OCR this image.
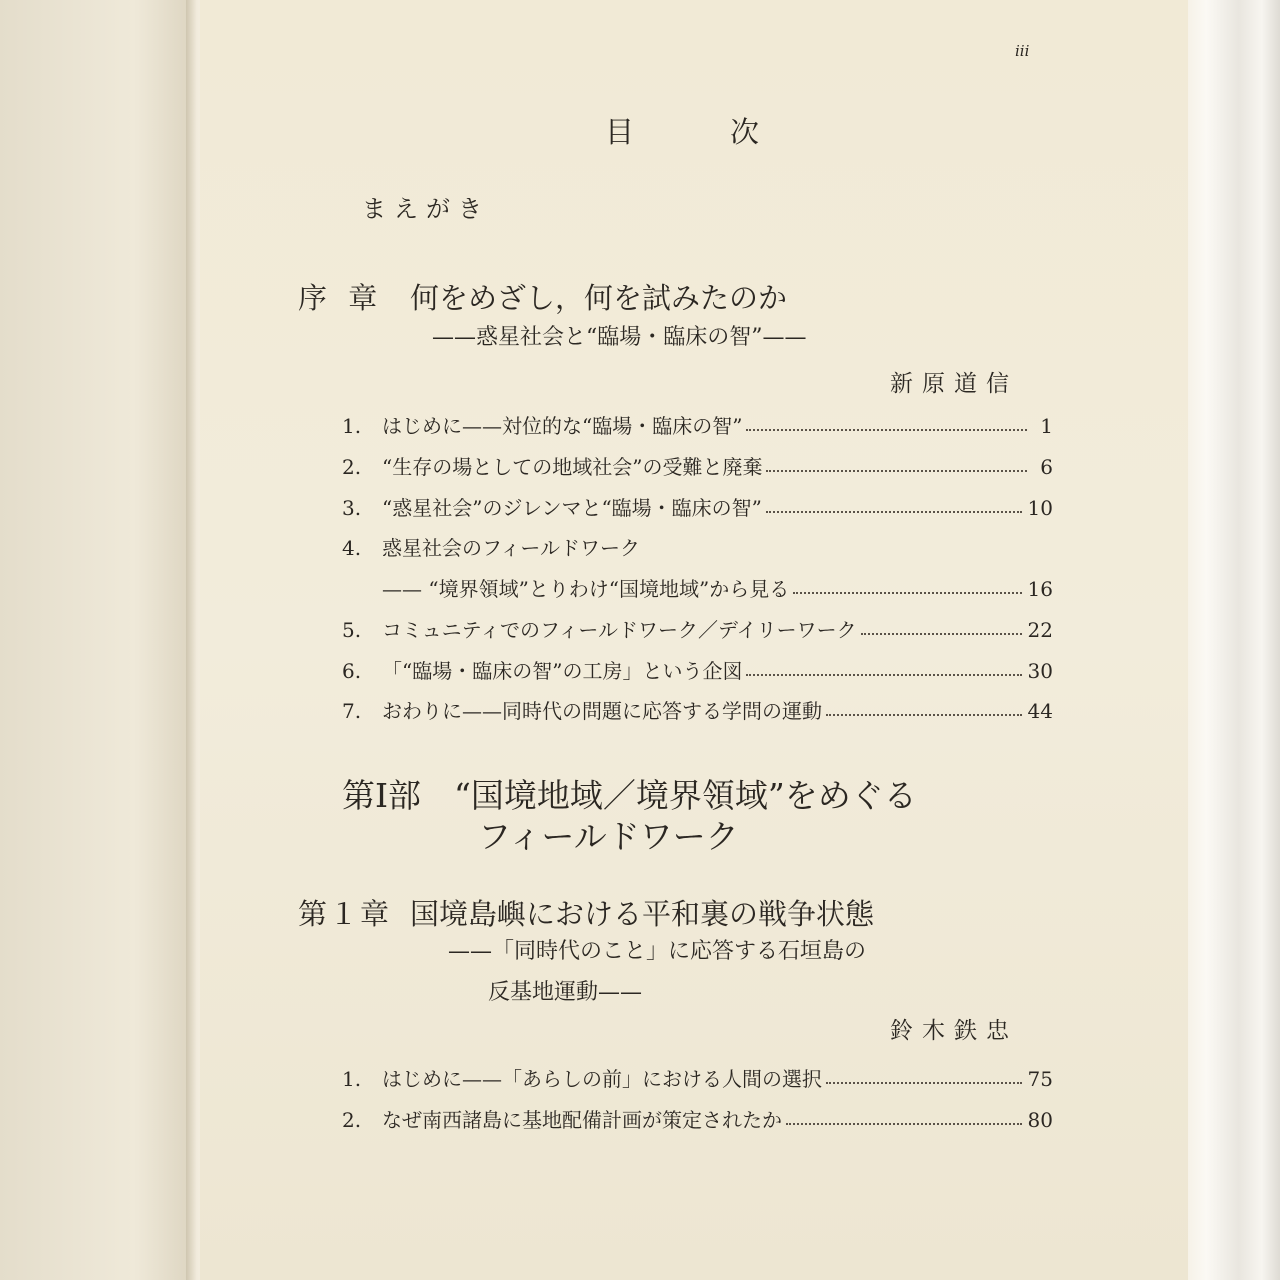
iii
目次
まえがき
序 章 何をめざし，何を試みたのか
——惑星社会と“臨場・臨床の智”——
新原道信
1.	はじめに——対位的な“臨場・臨床の智”	1
2.	“生存の場としての地域社会”の受難と廃棄	6
3.	“惑星社会”のジレンマと“臨場・臨床の智”	10
4.	惑星社会のフィールドワーク
—— “境界領域”とりわけ“国境地域”から見る	16
5.	コミュニティでのフィールドワーク／デイリーワーク	22
6.	「“臨場・臨床の智”の工房」という企図	30
7.	おわりに——同時代の問題に応答する学問の運動	44
第Ⅰ部　“国境地域／境界領域”をめぐる
フィールドワーク
第１章 国境島嶼における平和裏の戦争状態
——「同時代のこと」に応答する石垣島の
反基地運動——
鈴木鉄忠
1.	はじめに——「あらしの前」における人間の選択	75
2.	なぜ南西諸島に基地配備計画が策定されたか	80
